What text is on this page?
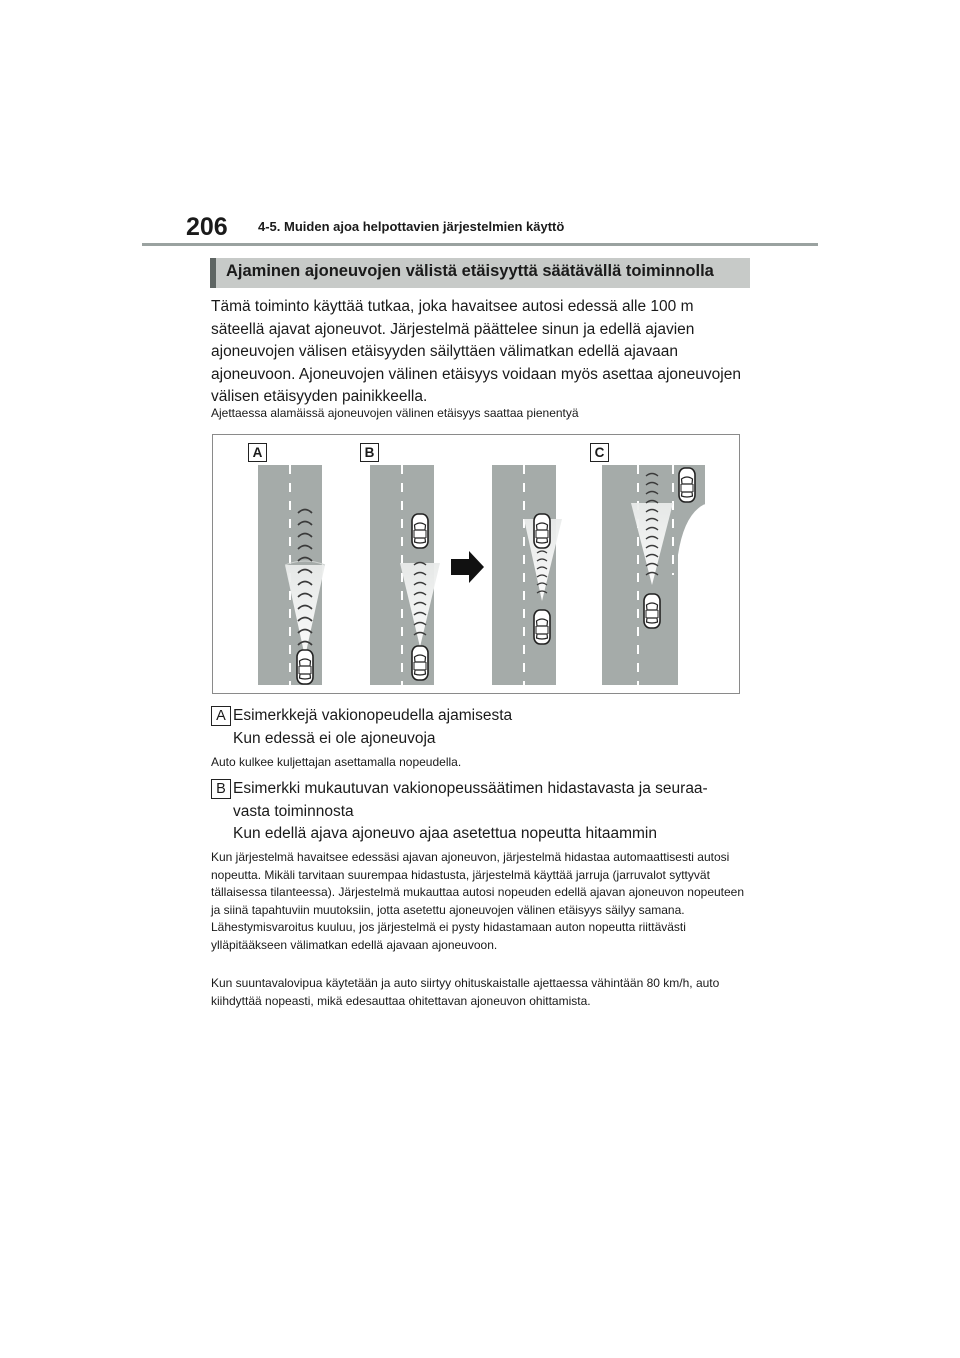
206 4-5. Muiden ajoa helpottavien järjestelmien käyttö
Ajaminen ajoneuvojen välistä etäisyyttä säätävällä toiminnolla
Tämä toiminto käyttää tutkaa, joka havaitsee autosi edessä alle 100 m säteellä ajavat ajoneuvot. Järjestelmä päättelee sinun ja edellä ajavien ajoneuvojen välisen etäisyyden säilyttäen välimatkan edellä ajavaan ajoneuvoon. Ajoneuvojen välinen etäisyys voidaan myös asettaa ajoneuvojen välisen etäisyyden painikkeella.
Ajettaessa alamäissä ajoneuvojen välinen etäisyys saattaa pienentyä
A	B	C
A Esimerkkejä vakionopeudella ajamisesta
Kun edessä ei ole ajoneuvoja
Auto kulkee kuljettajan asettamalla nopeudella.
B Esimerkki mukautuvan vakionopeussäätimen hidastavasta ja seuraa-
vasta toiminnosta
Kun edellä ajava ajoneuvo ajaa asetettua nopeutta hitaammin
Kun järjestelmä havaitsee edessäsi ajavan ajoneuvon, järjestelmä hidastaa automaattisesti autosi nopeutta. Mikäli tarvitaan suurempaa hidastusta, järjestelmä käyttää jarruja (jarruvalot syttyvät tällaisessa tilanteessa). Järjestelmä mukauttaa autosi nopeuden edellä ajavan ajoneuvon nopeuteen ja siinä tapahtuviin muutoksiin, jotta asetettu ajoneuvojen välinen etäisyys säilyy samana. Lähestymisvaroitus kuuluu, jos järjestelmä ei pysty hidastamaan auton nopeutta riittävästi ylläpitääkseen välimatkan edellä ajavaan ajoneuvoon.
Kun suuntavalovipua käytetään ja auto siirtyy ohituskaistalle ajettaessa vähintään 80 km/h, auto kiihdyttää nopeasti, mikä edesauttaa ohitettavan ajoneuvon ohittamista.
